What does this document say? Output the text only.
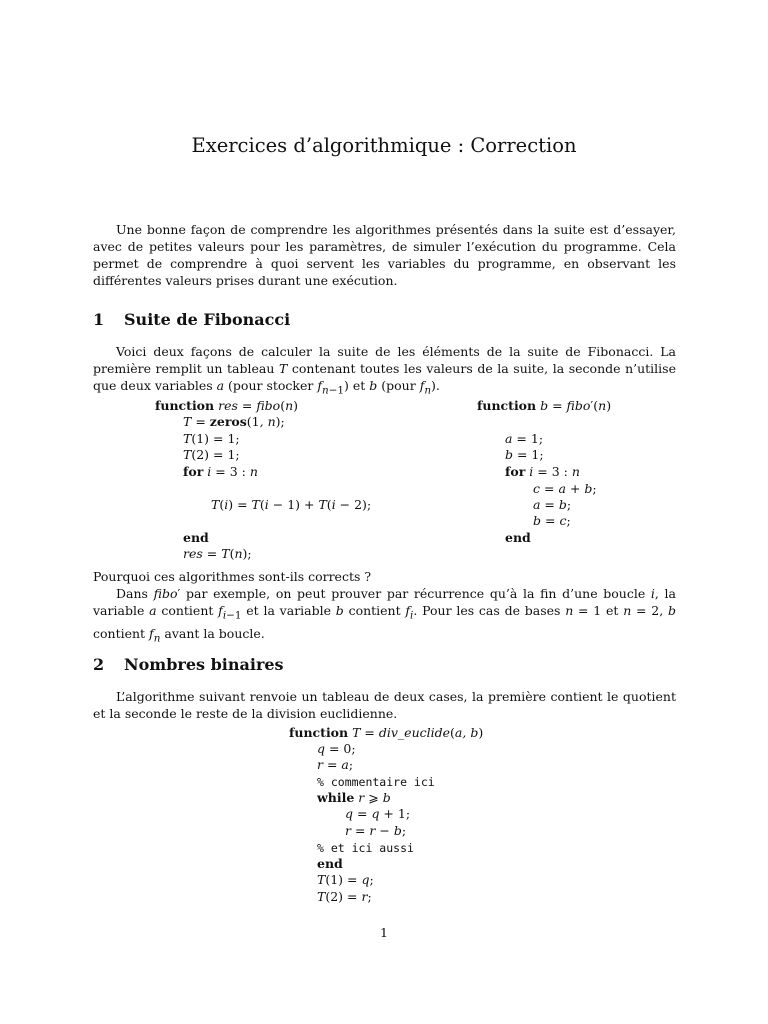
Exercices d’algorithmique : Correction

Une bonne façon de comprendre les algorithmes présentés dans la suite est d’essayer, avec de petites valeurs pour les paramètres, de simuler l’exécution du programme. Cela permet de comprendre à quoi servent les variables du programme, en observant les différentes valeurs prises durant une exécution.

1 Suite de Fibonacci

Voici deux façons de calculer la suite de les éléments de la suite de Fibonacci. La première remplit un tableau T contenant toutes les valeurs de la suite, la seconde n’utilise que deux variables a (pour stocker $f_{n-1}$) et b (pour $f_n$).

function res = fibo(n)
T = zeros(1, n);
T(1) = 1;
T(2) = 1;
for i = 3 : n
T(i) = T(i − 1) + T(i − 2);
end
res = T(n);
function b = fibo′(n)
a = 1;
b = 1;
for i = 3 : n
c = a + b;
a = b;
b = c;
end

Pourquoi ces algorithmes sont-ils corrects ?

Dans fibo′ par exemple, on peut prouver par récurrence qu’à la fin d’une boucle i, la variable a contient $f_{i-1}$ et la variable b contient $f_i$. Pour les cas de bases n = 1 et n = 2, b contient $f_n$ avant la boucle.

2 Nombres binaires

L’algorithme suivant renvoie un tableau de deux cases, la première contient le quotient et la seconde le reste de la division euclidienne.

function T = div_euclide(a, b)
q = 0;
r = a;
% commentaire ici
while r ⩾ b
q = q + 1;
r = r − b;
% et ici aussi
end
T(1) = q;
T(2) = r;
1
